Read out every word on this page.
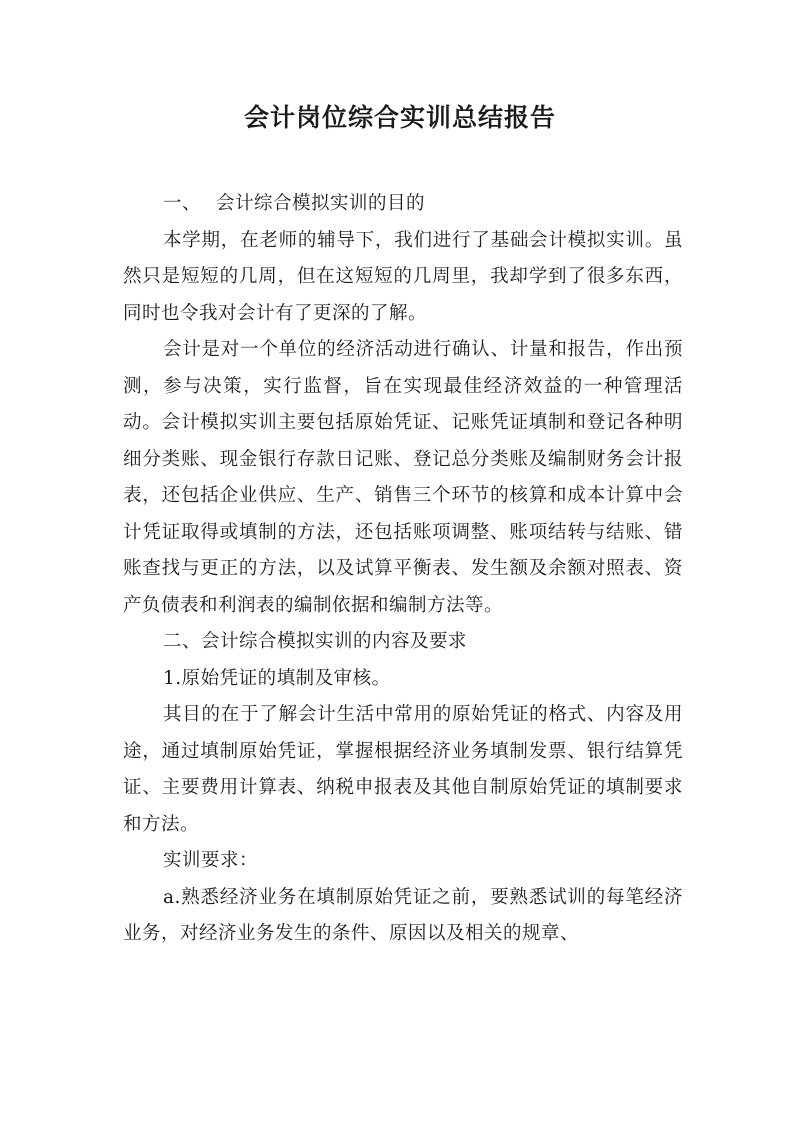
会计岗位综合实训总结报告

一、 会计综合模拟实训的目的

本学期，在老师的辅导下，我们进行了基础会计模拟实训。虽然只是短短的几周，但在这短短的几周里，我却学到了很多东西，同时也令我对会计有了更深的了解。

会计是对一个单位的经济活动进行确认、计量和报告，作出预测，参与决策，实行监督，旨在实现最佳经济效益的一种管理活动。会计模拟实训主要包括原始凭证、记账凭证填制和登记各种明细分类账、现金银行存款日记账、登记总分类账及编制财务会计报表，还包括企业供应、生产、销售三个环节的核算和成本计算中会计凭证取得或填制的方法，还包括账项调整、账项结转与结账、错账查找与更正的方法，以及试算平衡表、发生额及余额对照表、资产负债表和利润表的编制依据和编制方法等。

二、会计综合模拟实训的内容及要求

1.原始凭证的填制及审核。

其目的在于了解会计生活中常用的原始凭证的格式、内容及用途，通过填制原始凭证，掌握根据经济业务填制发票、银行结算凭证、主要费用计算表、纳税申报表及其他自制原始凭证的填制要求和方法。

实训要求：

a.熟悉经济业务在填制原始凭证之前，要熟悉试训的每笔经济业务，对经济业务发生的条件、原因以及相关的规章、
